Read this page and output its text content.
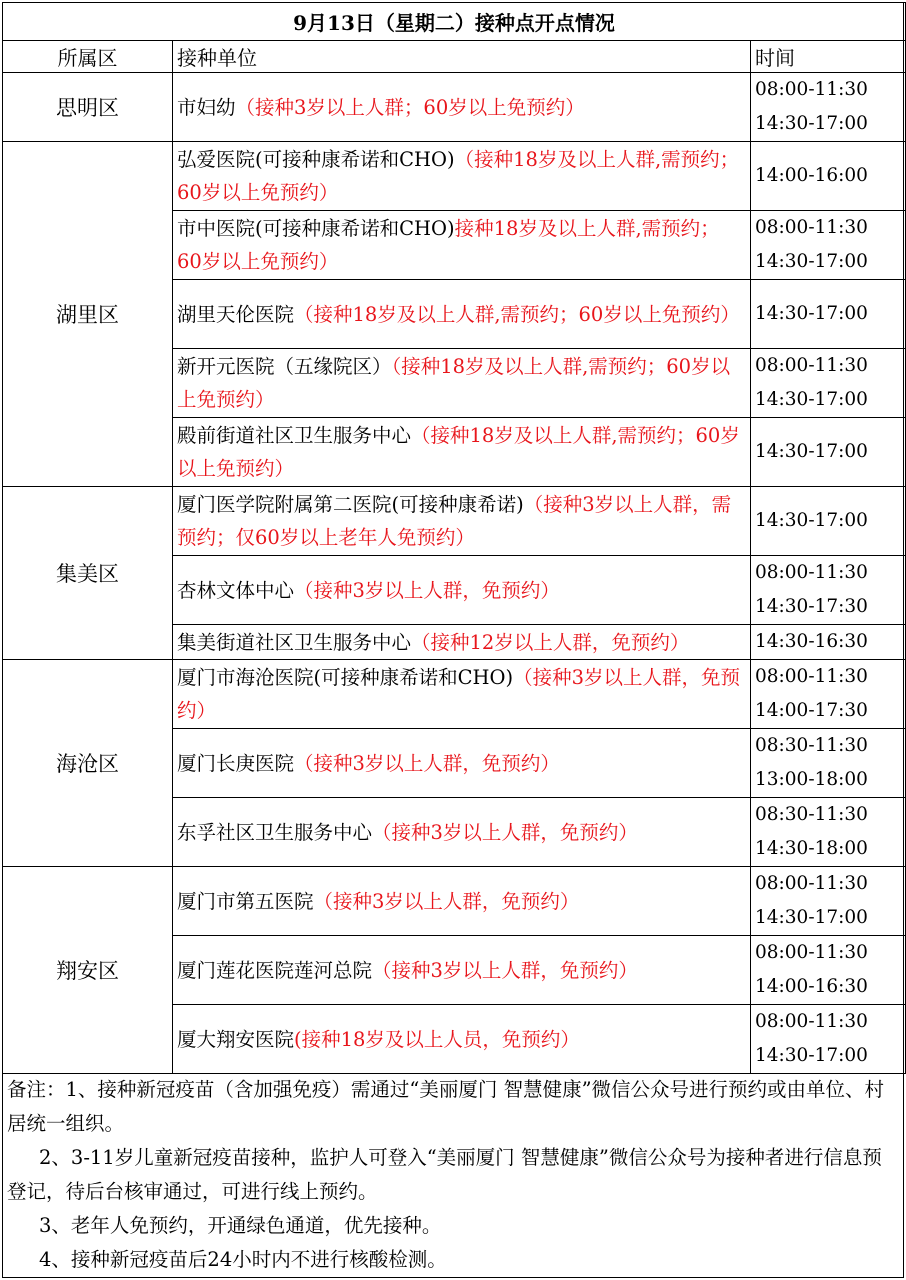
9月13日（星期二）接种点开点情况		
所属区	接种单位	时间
思明区	市妇幼（接种3岁以上人群；60岁以上免预约）	08:00-11:30
14:30-17:00

湖里区	弘爱医院(可接种康希诺和CHO)（接种18岁及以上人群,需预约；60岁以上免预约）	14:00-16:00

	市中医院(可接种康希诺和CHO)接种18岁及以上人群,需预约；60岁以上免预约）	08:00-11:30
14:30-17:00

	湖里天伦医院（接种18岁及以上人群,需预约；60岁以上免预约）	14:30-17:00

	新开元医院（五缘院区）（接种18岁及以上人群,需预约；60岁以上免预约）	08:00-11:30
14:30-17:00

	殿前街道社区卫生服务中心（接种18岁及以上人群,需预约；60岁以上免预约）	14:30-17:00

集美区	厦门医学院附属第二医院(可接种康希诺)（接种3岁以上人群，需预约；仅60岁以上老年人免预约）	14:30-17:00

	杏林文体中心（接种3岁以上人群，免预约）	08:00-11:30
14:30-17:30

	集美街道社区卫生服务中心（接种12岁以上人群，免预约）	14:30-16:30

海沧区	厦门市海沧医院(可接种康希诺和CHO)（接种3岁以上人群，免预约）	08:00-11:30
14:00-17:30

	厦门长庚医院（接种3岁以上人群，免预约）	08:30-11:30
13:00-18:00

	东孚社区卫生服务中心（接种3岁以上人群，免预约）	08:30-11:30
14:30-18:00

翔安区	厦门市第五医院（接种3岁以上人群，免预约）	08:00-11:30
14:30-17:00

	厦门莲花医院莲河总院（接种3岁以上人群，免预约）	08:00-11:30
14:00-16:30

	厦大翔安医院(接种18岁及以上人员，免预约）	08:00-11:30
14:30-17:00

备注：1、接种新冠疫苗（含加强免疫）需通过“美丽厦门 智慧健康”微信公众号进行预约或由单位、村居统一组织。

2、3-11岁儿童新冠疫苗接种，监护人可登入“美丽厦门 智慧健康”微信公众号为接种者进行信息预登记，待后台核审通过，可进行线上预约。

3、老年人免预约，开通绿色通道，优先接种。

4、接种新冠疫苗后24小时内不进行核酸检测。
